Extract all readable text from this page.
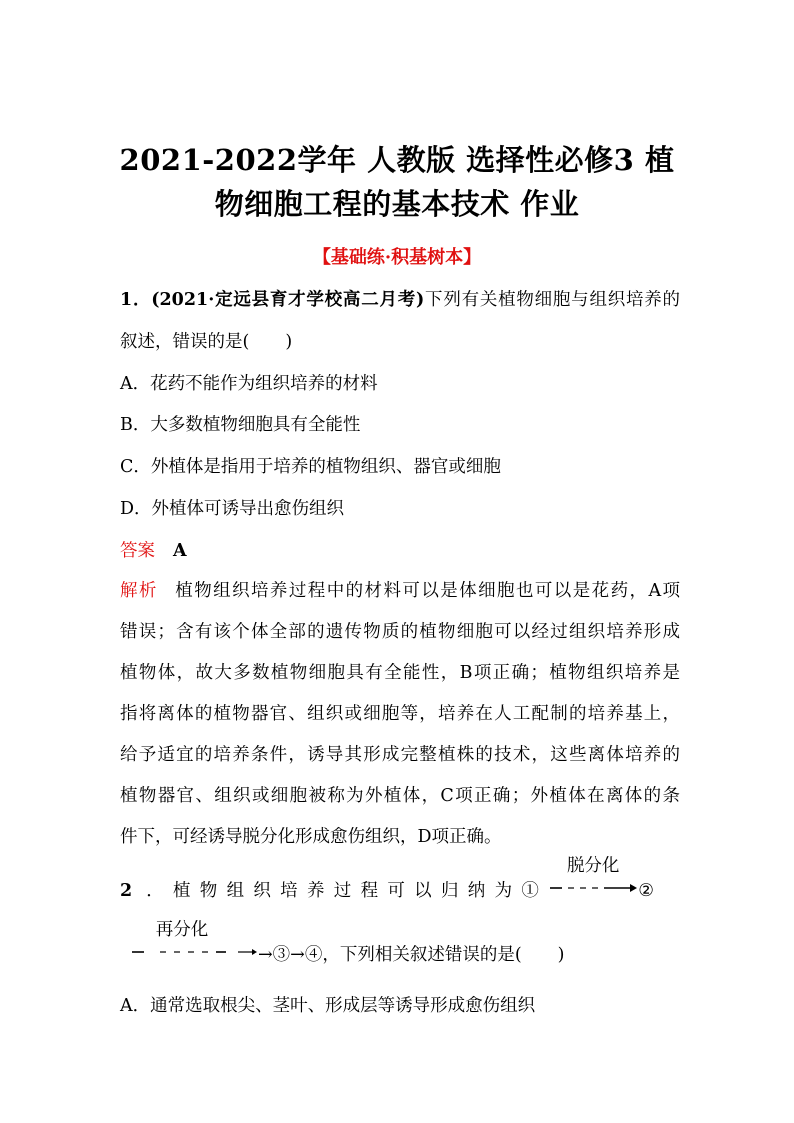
2021-2022学年 人教版 选择性必修3 植
物细胞工程的基本技术 作业
【基础练·积基树本】
1．(2021·定远县育才学校高二月考)下列有关植物细胞与组织培养的
叙述，错误的是( )
A．花药不能作为组织培养的材料
B．大多数植物细胞具有全能性
C．外植体是指用于培养的植物组织、器官或细胞
D．外植体可诱导出愈伤组织
答案 A
解析 植物组织培养过程中的材料可以是体细胞也可以是花药，A项
错误；含有该个体全部的遗传物质的植物细胞可以经过组织培养形成
植物体，故大多数植物细胞具有全能性，B项正确；植物组织培养是
指将离体的植物器官、组织或细胞等，培养在人工配制的培养基上，
给予适宜的培养条件，诱导其形成完整植株的技术，这些离体培养的
植物器官、组织或细胞被称为外植体，C项正确；外植体在离体的条
件下，可经诱导脱分化形成愈伤组织，D项正确。
2 ．植物组织培养过程可以归纳为①
脱分化
②
再分化
→③→④，下列相关叙述错误的是( )
A．通常选取根尖、茎叶、形成层等诱导形成愈伤组织
